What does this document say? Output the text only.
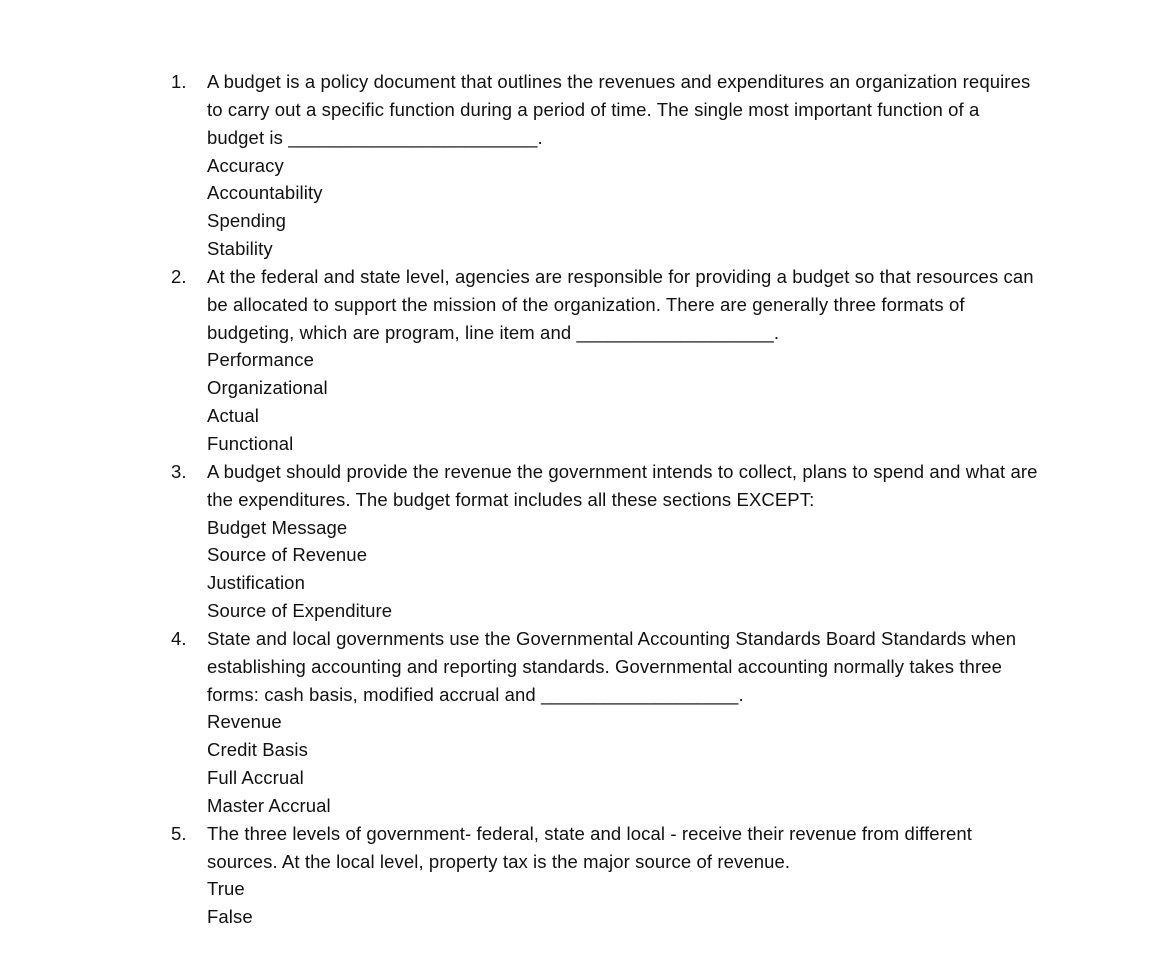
1.	A budget is a policy document that outlines the revenues and expenditures an organization requires to carry out a specific function during a period of time. The single most important function of a budget is ________________________.
Accuracy
Accountability
Spending
Stability
2.	At the federal and state level, agencies are responsible for providing a budget so that resources can be allocated to support the mission of the organization. There are generally three formats of budgeting, which are program, line item and ___________________.
Performance
Organizational
Actual
Functional
3.	A budget should provide the revenue the government intends to collect, plans to spend and what are the expenditures. The budget format includes all these sections EXCEPT:
Budget Message
Source of Revenue
Justification
Source of Expenditure
4.	State and local governments use the Governmental Accounting Standards Board Standards when establishing accounting and reporting standards. Governmental accounting normally takes three forms: cash basis, modified accrual and ___________________.
Revenue
Credit Basis
Full Accrual
Master Accrual
5.	The three levels of government- federal, state and local - receive their revenue from different sources. At the local level, property tax is the major source of revenue.
True
False
